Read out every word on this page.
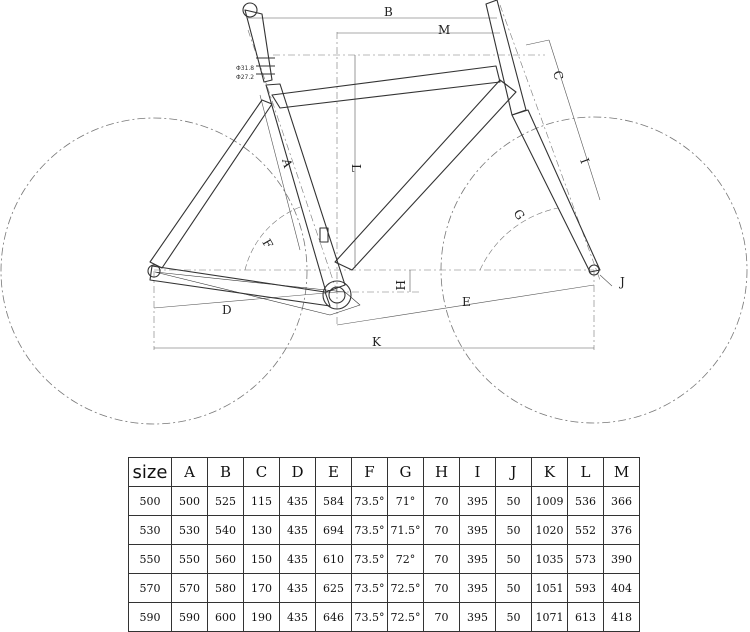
Φ31.8
Φ27.2
A
B
C
D
E
F
G
H
I
J
K
L
M
size	A	B	C	D	E	F	G	H	I	J	K	L	M
500	500	525	115	435	584	73.5°	71°	70	395	50	1009	536	366
530	530	540	130	435	694	73.5°	71.5°	70	395	50	1020	552	376
550	550	560	150	435	610	73.5°	72°	70	395	50	1035	573	390
570	570	580	170	435	625	73.5°	72.5°	70	395	50	1051	593	404
590	590	600	190	435	646	73.5°	72.5°	70	395	50	1071	613	418
